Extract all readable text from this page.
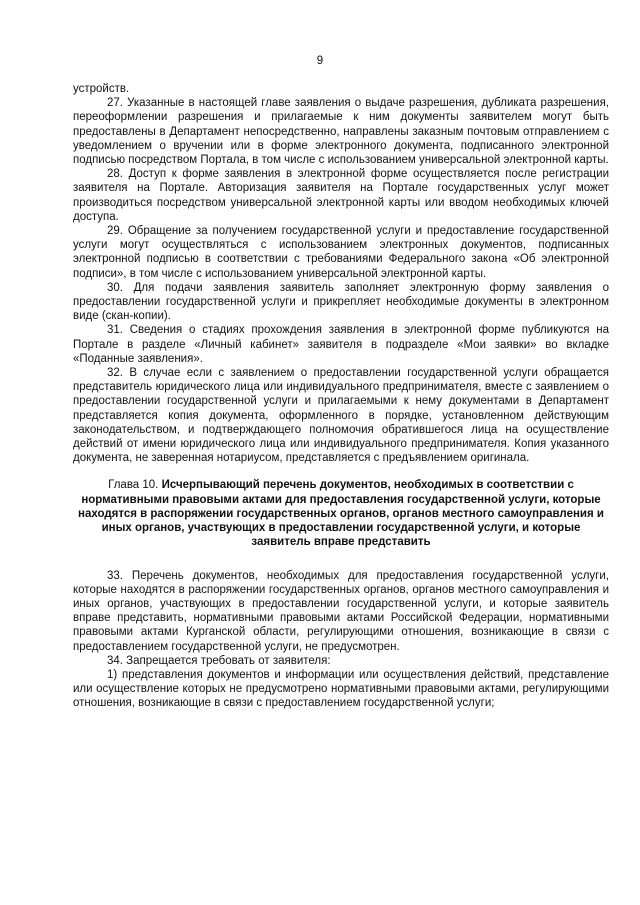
9

устройств.

27. Указанные в настоящей главе заявления о выдаче разрешения, дубликата разрешения, переоформлении разрешения и прилагаемые к ним документы заявителем могут быть предоставлены в Департамент непосредственно, направлены заказным почтовым отправлением с уведомлением о вручении или в форме электронного документа, подписанного электронной подписью посредством Портала, в том числе с использованием универсальной электронной карты.

28. Доступ к форме заявления в электронной форме осуществляется после регистрации заявителя на Портале. Авторизация заявителя на Портале государственных услуг может производиться посредством универсальной электронной карты или вводом необходимых ключей доступа.

29. Обращение за получением государственной услуги и предоставление государственной услуги могут осуществляться с использованием электронных документов, подписанных электронной подписью в соответствии с требованиями Федерального закона «Об электронной подписи», в том числе с использованием универсальной электронной карты.

30. Для подачи заявления заявитель заполняет электронную форму заявления о предоставлении государственной услуги и прикрепляет необходимые документы в электронном виде (скан-копии).

31. Сведения о стадиях прохождения заявления в электронной форме публикуются на Портале в разделе «Личный кабинет» заявителя в подразделе «Мои заявки» во вкладке «Поданные заявления».

32. В случае если с заявлением о предоставлении государственной услуги обращается представитель юридического лица или индивидуального предпринимателя, вместе с заявлением о предоставлении государственной услуги и прилагаемыми к нему документами в Департамент представляется копия документа, оформленного в порядке, установленном действующим законодательством, и подтверждающего полномочия обратившегося лица на осуществление действий от имени юридического лица или индивидуального предпринимателя. Копия указанного документа, не заверенная нотариусом, представляется с предъявлением оригинала.

Глава 10. Исчерпывающий перечень документов, необходимых в соответствии с нормативными правовыми актами для предоставления государственной услуги, которые находятся в распоряжении государственных органов, органов местного самоуправления и иных органов, участвующих в предоставлении государственной услуги, и которые заявитель вправе представить

33. Перечень документов, необходимых для предоставления государственной услуги, которые находятся в распоряжении государственных органов, органов местного самоуправления и иных органов, участвующих в предоставлении государственной услуги, и которые заявитель вправе представить, нормативными правовыми актами Российской Федерации, нормативными правовыми актами Курганской области, регулирующими отношения, возникающие в связи с предоставлением государственной услуги, не предусмотрен.

34. Запрещается требовать от заявителя:

1) представления документов и информации или осуществления действий, представление или осуществление которых не предусмотрено нормативными правовыми актами, регулирующими отношения, возникающие в связи с предоставлением государственной услуги;
